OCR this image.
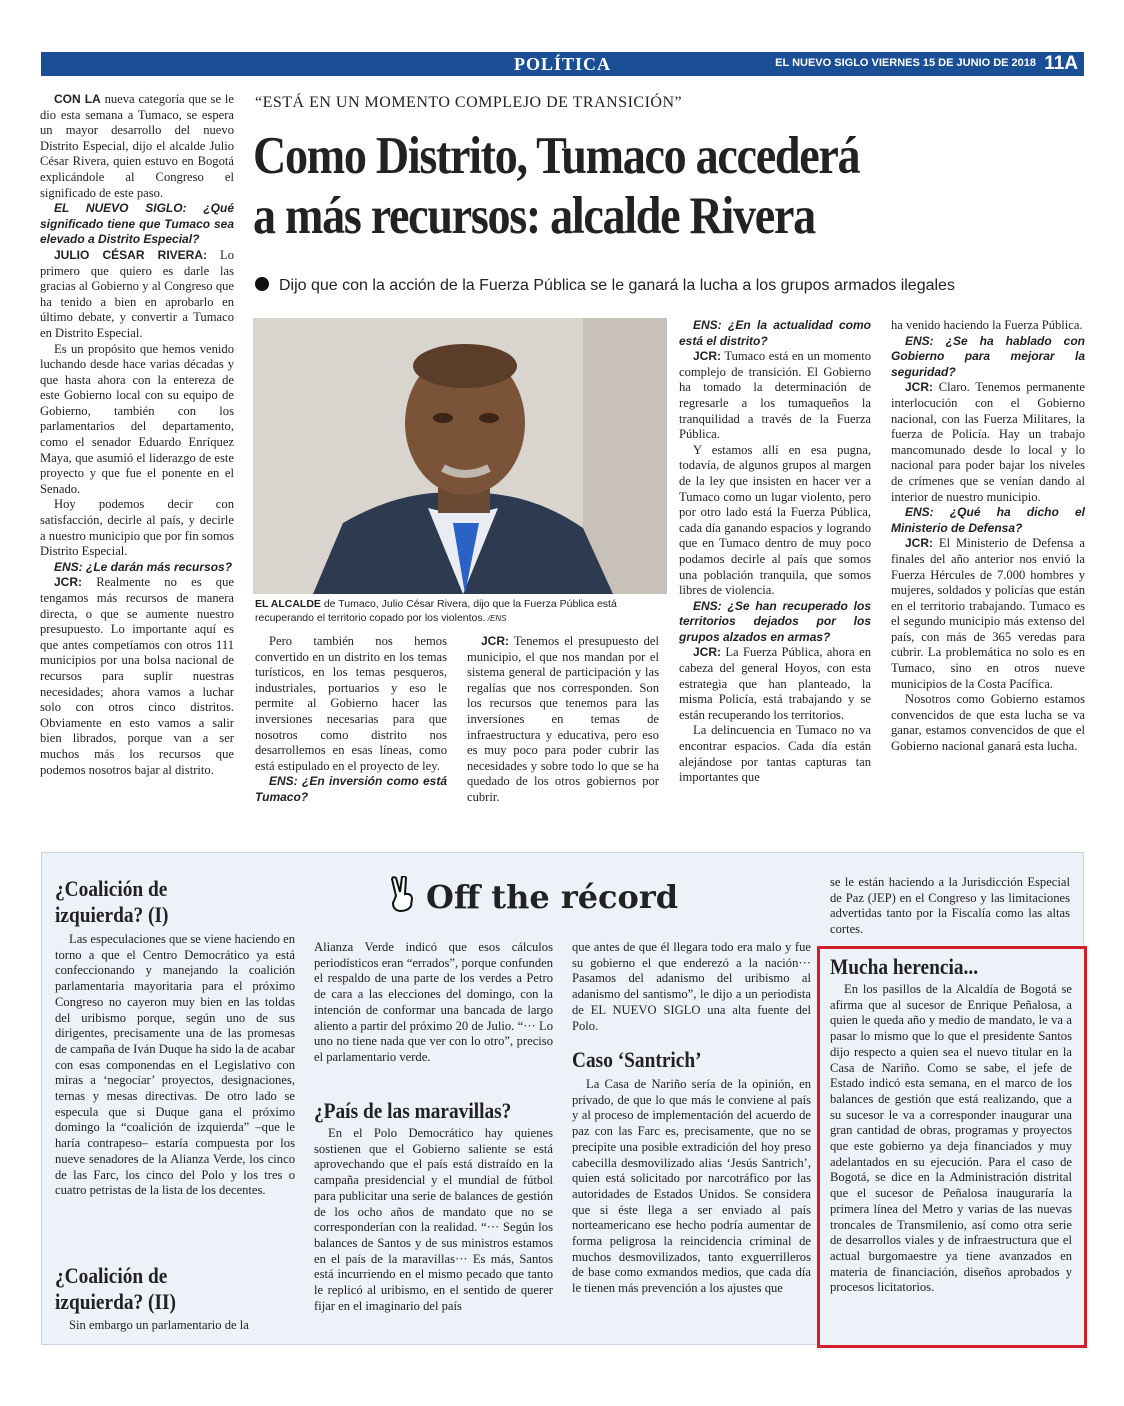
POLÍTICA	EL NUEVO SIGLO VIERNES 15 DE JUNIO DE 2018 11A

CON LA nueva categoría que se le dio esta semana a Tumaco, se espera un mayor desarrollo del nuevo Distrito Especial, dijo el alcalde Julio César Rivera, quien estuvo en Bogotá explicándole al Congreso el significado de este paso.

EL NUEVO SIGLO: ¿Qué significado tiene que Tumaco sea elevado a Distrito Especial?

JULIO CÉSAR RIVERA: Lo primero que quiero es darle las gracias al Gobierno y al Congreso que ha tenido a bien en aprobarlo en último debate, y convertir a Tumaco en Distrito Especial.

Es un propósito que hemos venido luchando desde hace varias décadas y que hasta ahora con la entereza de este Gobierno local con su equipo de Gobierno, también con los parlamentarios del departamento, como el senador Eduardo Enríquez Maya, que asumió el liderazgo de este proyecto y que fue el ponente en el Senado.

Hoy podemos decir con satisfacción, decirle al país, y decirle a nuestro municipio que por fin somos Distrito Especial.

ENS: ¿Le darán más recursos?

JCR: Realmente no es que tengamos más recursos de manera directa, o que se aumente nuestro presupuesto. Lo importante aquí es que antes competíamos con otros 111 municipios por una bolsa nacional de recursos para suplir nuestras necesidades; ahora vamos a luchar solo con otros cinco distritos. Obviamente en esto vamos a salir bien librados, porque van a ser muchos más los recursos que podemos nosotros bajar al distrito.

“ESTÁ EN UN MOMENTO COMPLEJO DE TRANSICIÓN”
Como Distrito, Tumaco accederá
a más recursos: alcalde Rivera
Dijo que con la acción de la Fuerza Pública se le ganará la lucha a los grupos armados ilegales
EL ALCALDE de Tumaco, Julio César Rivera, dijo que la Fuerza Pública está recuperando el territorio copado por los violentos. /ENS

Pero también nos hemos convertido en un distrito en los temas turísticos, en los temas pesqueros, industriales, portuarios y eso le permite al Gobierno hacer las inversiones necesarias para que nosotros como distrito nos desarrollemos en esas líneas, como está estipulado en el proyecto de ley.

ENS: ¿En inversión como está Tumaco?

JCR: Tenemos el presupuesto del municipio, el que nos mandan por el sistema general de participación y las regalías que nos corresponden. Son los recursos que tenemos para las inversiones en temas de infraestructura y educativa, pero eso es muy poco para poder cubrir las necesidades y sobre todo lo que se ha quedado de los otros gobiernos por cubrir.

ENS: ¿En la actualidad como está el distrito?

JCR: Tumaco está en un momento complejo de transición. El Gobierno ha tomado la determinación de regresarle a los tumaqueños la tranquilidad a través de la Fuerza Pública.

Y estamos allí en esa pugna, todavía, de algunos grupos al margen de la ley que insisten en hacer ver a Tumaco como un lugar violento, pero por otro lado está la Fuerza Pública, cada día ganando espacios y logrando que en Tumaco dentro de muy poco podamos decirle al país que somos una población tranquila, que somos libres de violencia.

ENS: ¿Se han recuperado los territorios dejados por los grupos alzados en armas?

JCR: La Fuerza Pública, ahora en cabeza del general Hoyos, con esta estrategia que han planteado, la misma Policía, está trabajando y se están recuperando los territorios.

La delincuencia en Tumaco no va encontrar espacios. Cada día están alejándose por tantas capturas tan importantes que

ha venido haciendo la Fuerza Pública.

ENS: ¿Se ha hablado con Gobierno para mejorar la seguridad?

JCR: Claro. Tenemos permanente interlocución con el Gobierno nacional, con las Fuerza Militares, la fuerza de Policía. Hay un trabajo mancomunado desde lo local y lo nacional para poder bajar los niveles de crímenes que se venían dando al interior de nuestro municipio.

ENS: ¿Qué ha dicho el Ministerio de Defensa?

JCR: El Ministerio de Defensa a finales del año anterior nos envió la Fuerza Hércules de 7.000 hombres y mujeres, soldados y policías que están en el territorio trabajando. Tumaco es el segundo municipio más extenso del país, con más de 365 veredas para cubrir. La problemática no solo es en Tumaco, sino en otros nueve municipios de la Costa Pacífica.

Nosotros como Gobierno estamos convencidos de que esta lucha se va ganar, estamos convencidos de que el Gobierno nacional ganará esta lucha.

Off the récord
¿Coalición de
izquierda? (I)

Las especulaciones que se viene haciendo en torno a que el Centro Democrático ya está confeccionando y manejando la coalición parlamentaria mayoritaria para el próximo Congreso no cayeron muy bien en las toldas del uribismo porque, según uno de sus dirigentes, precisamente una de las promesas de campaña de Iván Duque ha sido la de acabar con esas componendas en el Legislativo con miras a ‘negociar’ proyectos, designaciones, ternas y mesas directivas. De otro lado se especula que si Duque gana el próximo domingo la “coalición de izquierda” –que le haría contrapeso– estaría compuesta por los nueve senadores de la Alianza Verde, los cinco de las Farc, los cinco del Polo y los tres o cuatro petristas de la lista de los decentes.

¿Coalición de
izquierda? (II)

Sin embargo un parlamentario de la

Alianza Verde indicó que esos cálculos periodísticos eran “errados”, porque confunden el respaldo de una parte de los verdes a Petro de cara a las elecciones del domingo, con la intención de conformar una bancada de largo aliento a partir del próximo 20 de Julio. “··· Lo uno no tiene nada que ver con lo otro”, preciso el parlamentario verde.

¿País de las maravillas?

En el Polo Democrático hay quienes sostienen que el Gobierno saliente se está aprovechando que el país está distraído en la campaña presidencial y el mundial de fútbol para publicitar una serie de balances de gestión de los ocho años de mandato que no se corresponderían con la realidad. “··· Según los balances de Santos y de sus ministros estamos en el país de la maravillas··· Es más, Santos está incurriendo en el mismo pecado que tanto le replicó al uribismo, en el sentido de querer fijar en el imaginario del país

que antes de que él llegara todo era malo y fue su gobierno el que enderezó a la nación··· Pasamos del adanismo del uribismo al adanismo del santismo”, le dijo a un periodista de EL NUEVO SIGLO una alta fuente del Polo.

Caso ‘Santrich’

La Casa de Nariño sería de la opinión, en privado, de que lo que más le conviene al país y al proceso de implementación del acuerdo de paz con las Farc es, precisamente, que no se precipite una posible extradición del hoy preso cabecilla desmovilizado alias ‘Jesús Santrich’, quien está solicitado por narcotráfico por las autoridades de Estados Unidos. Se considera que si éste llega a ser enviado al país norteamericano ese hecho podría aumentar de forma peligrosa la reincidencia criminal de muchos desmovilizados, tanto exguerrilleros de base como exmandos medios, que cada día le tienen más prevención a los ajustes que

se le están haciendo a la Jurisdicción Especial de Paz (JEP) en el Congreso y las limitaciones advertidas tanto por la Fiscalía como las altas cortes.

Mucha herencia...

En los pasillos de la Alcaldía de Bogotá se afirma que al sucesor de Enrique Peñalosa, a quien le queda año y medio de mandato, le va a pasar lo mismo que lo que el presidente Santos dijo respecto a quien sea el nuevo titular en la Casa de Nariño. Como se sabe, el jefe de Estado indicó esta semana, en el marco de los balances de gestión que está realizando, que a su sucesor le va a corresponder inaugurar una gran cantidad de obras, programas y proyectos que este gobierno ya deja financiados y muy adelantados en su ejecución. Para el caso de Bogotá, se dice en la Administración distrital que el sucesor de Peñalosa inauguraría la primera línea del Metro y varias de las nuevas troncales de Transmilenio, así como otra serie de desarrollos viales y de infraestructura que el actual burgomaestre ya tiene avanzados en materia de financiación, diseños aprobados y procesos licitatorios.
